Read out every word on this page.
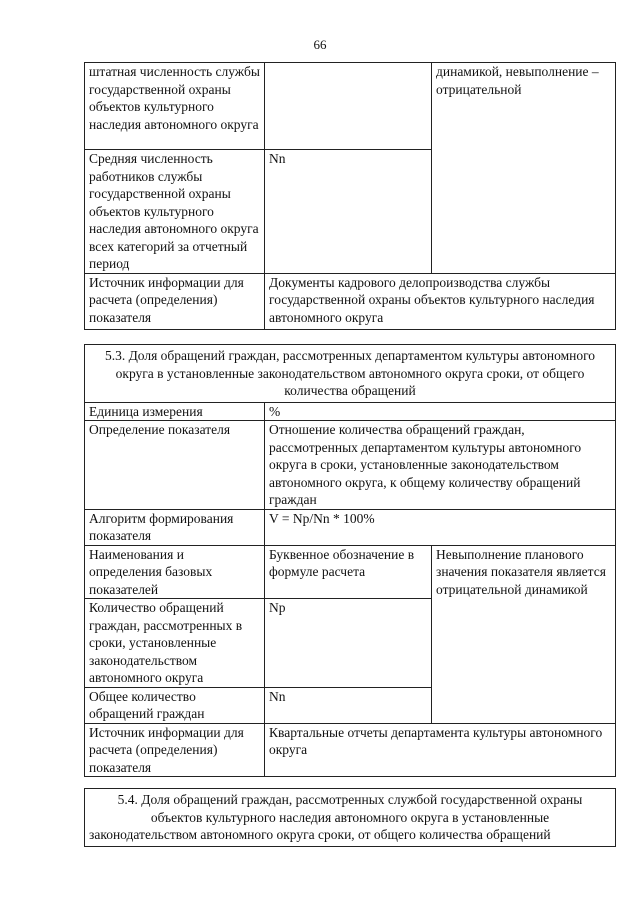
66
штатная численность службы государственной охраны объектов культурного наследия автономного округа		динамикой, невыполнение – отрицательной

Средняя численность работников службы государственной охраны объектов культурного наследия автономного округа всех категорий за отчетный период	Nn	

Источник информации для расчета (определения) показателя	Документы кадрового делопроизводства службы государственной охраны объектов культурного наследия автономного округа	
5.3. Доля обращений граждан, рассмотренных департаментом культуры автономного округа в установленные законодательством автономного округа сроки, от общего количества обращений		

Единица измерения	%	

Определение показателя	Отношение количества обращений граждан, рассмотренных департаментом культуры автономного округа в сроки, установленные законодательством автономного округа, к общему количеству обращений граждан	

Алгоритм формирования показателя	V = Np/Nn * 100%	

Наименования и определения базовых показателей	Буквенное обозначение в формуле расчета	Невыполнение планового значения показателя является отрицательной динамикой

Количество обращений граждан, рассмотренных в сроки, установленные законодательством автономного округа	Np	

Общее количество обращений граждан	Nn	

Источник информации для расчета (определения) показателя	Квартальные отчеты департамента культуры автономного округа	
5.4. Доля обращений граждан, рассмотренных службой государственной охраны
объектов культурного наследия автономного округа в установленные
законодательством автономного округа сроки, от общего количества обращений
